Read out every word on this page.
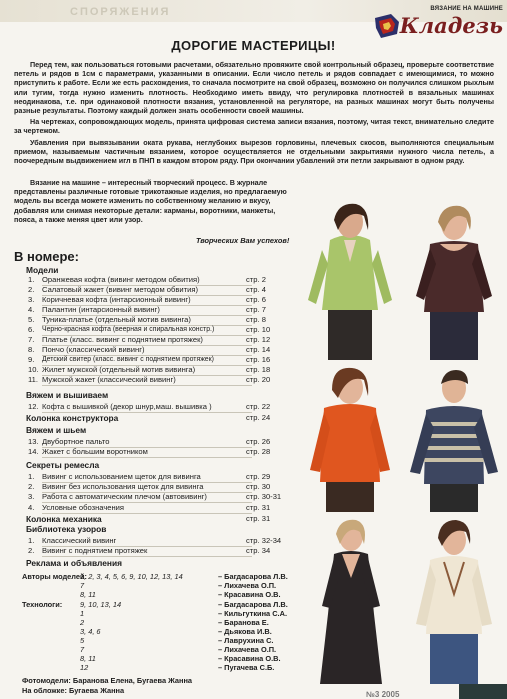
СПОРЯЖЕНИЯ	ВЯЗАНИЕ НА МАШИНЕ
Кладезь
ДОРОГИЕ МАСТЕРИЦЫ!

Перед тем, как пользоваться готовыми расчетами, обязательно провяжите свой контрольный образец, проверьте соответствие петель и рядов в 1см с параметрами, указанными в описании. Если число петель и рядов совпадает с имеющимися, то можно приступить к работе. Если же есть расхождения, то сначала посмотрите на свой образец, возможно он получился слишком рыхлым или тугим, тогда нужно изменить плотность. Необходимо иметь ввиду, что регулировка плотностей в вязальных машинах неодинакова, т.е. при одинаковой плотности вязания, установленной на регуляторе, на разных машинах могут быть получены разные результаты. Поэтому каждый должен знать особенности своей машины.

На чертежах, сопровождающих модель, принята цифровая система записи вязания, поэтому, читая текст, внимательно следите за чертежом.

Убавления при вывязывании оката рукава, неглубоких вырезов горловины, плечевых скосов, выполняются специальным приемом, называемым частичным вязанием, которое осуществляется не отдельными закрытиями нужного числа петель, а поочередным выдвижением игл в ПНП в каждом втором ряду. При окончании убавлений эти петли закрывают в одном ряду.

Вязание на машине – интересный творческий процесс. В журнале представлены различные готовые трикотажные изделия, но предлагаемую модель вы всегда можете изменить по собственному желанию и вкусу, добавляя или снимая некоторые детали: карманы, воротники, манжеты, пояса, а также меняя цвет или узор.

Творческих Вам успехов!
В номере:
Модели
1.	Оранжевая кофта (вивинг методом обвития)	стр. 2
2.	Салатовый жакет (вивинг методом обвития)	стр. 4
3.	Коричневая кофта (интарсионный вивинг)	стр. 6
4.	Палантин (интарсионный вивинг)	стр. 7
5.	Туника-платье (отдельный мотив вивинга)	стр. 8
6.	Черно-красная кофта (веерная и спиральная констр.)	стр. 10
7.	Платье (класс. вивинг с поднятием протяжек)	стр. 12
8.	Пончо (классический вивинг)	стр. 14
9.	Детский свитер (класс. вивинг с поднятием протяжек)	стр. 16
10. Жилет мужской (отдельный мотив вивинга)	стр. 18
11. Мужской жакет (классический вивинг)	стр. 20
Вяжем и вышиваем
12. Кофта с вышивкой (декор шнур,маш. вышивка )	стр. 22
Колонка конструктора	стр. 24
Вяжем и шьем
13. Двубортное пальто	стр. 26
14. Жакет с большим воротником	стр. 28
Секреты ремесла
1.	Вивинг с использованием щеток для вивинга	стр. 29
2.	Вивинг без использования щеток для вивинга	стр. 30
3.	Работа с автоматическим плечом (автовивинг)	стр. 30-31
4.	Условные обозначения	стр. 31
Колонка механика	стр. 31
Библиотека узоров
1.	Классический вивинг	стр. 32-34
2.	Вивинг с поднятием протяжек	стр. 34
Реклама и объявления
Авторы моделей:
1, 2, 3, 4, 5, 6, 9, 10, 12, 13, 14	– Багдасарова Л.В.
7	– Лихачева О.П.
8, 11	– Красавина О.В.
Технологи: 9, 10, 13, 14	– Багдасарова Л.В.
1	– Кильгуткина С.А.
2	– Баранова Е.
3, 4, 6	– Дьякова И.В.
5	– Лаврухина С.
7	– Лихачева О.П.
8, 11	– Красавина О.В.
12	– Пугачева С.Б.
Фотомодели: Баранова Елена, Бугаева Жанна
На обложке: Бугаева Жанна	№3 2005
